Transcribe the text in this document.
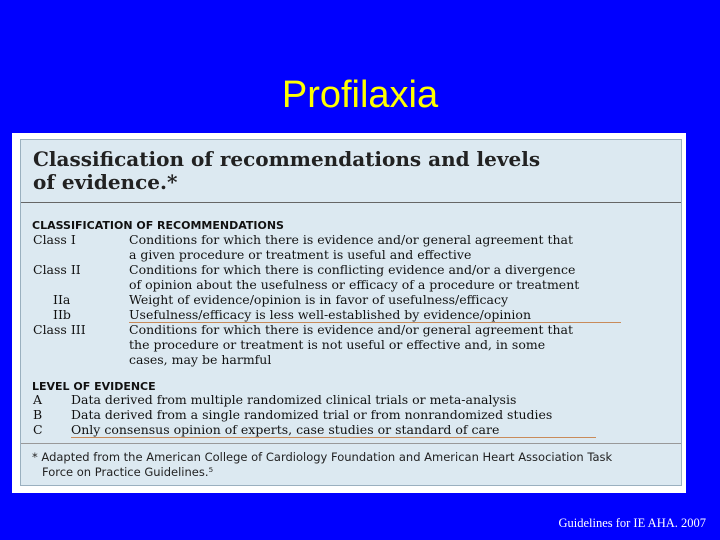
Profilaxia
Classification of recommendations and levels
of evidence.*
CLASSIFICATION OF RECOMMENDATIONS
Class I	Conditions for which there is evidence and/or general agreement that
a given procedure or treatment is useful and effective
Class II	Conditions for which there is conflicting evidence and/or a divergence
of opinion about the usefulness or efficacy of a procedure or treatment
IIa	Weight of evidence/opinion is in favor of usefulness/efficacy
IIb	Usefulness/efficacy is less well-established by evidence/opinion
Class III	Conditions for which there is evidence and/or general agreement that
the procedure or treatment is not useful or effective and, in some
cases, may be harmful
LEVEL OF EVIDENCE
A Data derived from multiple randomized clinical trials or meta-analysis
B Data derived from a single randomized trial or from nonrandomized studies
C Only consensus opinion of experts, case studies or standard of care
* Adapted from the American College of Cardiology Foundation and American Heart Association Task
Force on Practice Guidelines.⁵
Guidelines for IE AHA. 2007
